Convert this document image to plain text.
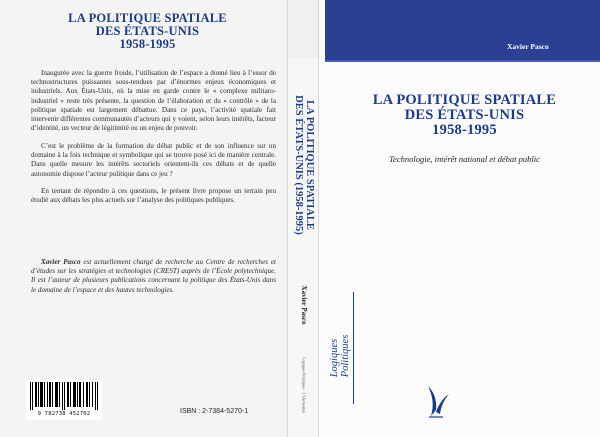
LA POLITIQUE SPATIALE
DES ÉTATS-UNIS
1958-1995

Inaugurée avec la guerre froide, l’utilisation de l’espace a donné lieu à l’essor de technostructures puissantes sous-tendues par d’énormes enjeux économiques et industriels. Aux États-Unis, où la mise en garde contre le « complexe militaro-industriel » reste très présente, la question de l’élaboration et du « contrôle » de la politique spatiale est largement débattue. Dans ce pays, l’activité spatiale fait intervenir différentes communautés d’acteurs qui y voient, selon leurs intérêts, facteur d’identité, un vecteur de légitimité ou un enjeu de pouvoir.

C’est le problème de la formation du débat public et de son influence sur un domaine à la fois technique et symbolique qui se trouve posé ici de manière centrale. Dans quelle mesure les intérêts sectoriels orientent-ils ces débats et de quelle autonomie dispose l’acteur politique dans ce jeu ?

En tentant de répondre à ces questions, le présent livre propose un terrain peu étudié aux débats les plus actuels sur l’analyse des politiques publiques.

Xavier Pasco est actuellement chargé de recherche au Centre de recherches et d’études sur les stratégies et technologies (CREST) auprès de l’École polytechnique. Il est l’auteur de plusieurs publications concernant la politique des États-Unis dans le domaine de l’espace et des hautes technologies.
9 782738 452702	ISBN : 2-7384-5270-1
LA POLITIQUE SPATIALE
DES ÉTATS-UNIS (1958-1995)
Xavier Pasco
Logiques Politiques · L’Harmattan
Xavier Pasco
LA POLITIQUE SPATIALE
DES ÉTATS-UNIS
1958-1995
Technologie, intérêt national et débat public
Logiques Politiques
